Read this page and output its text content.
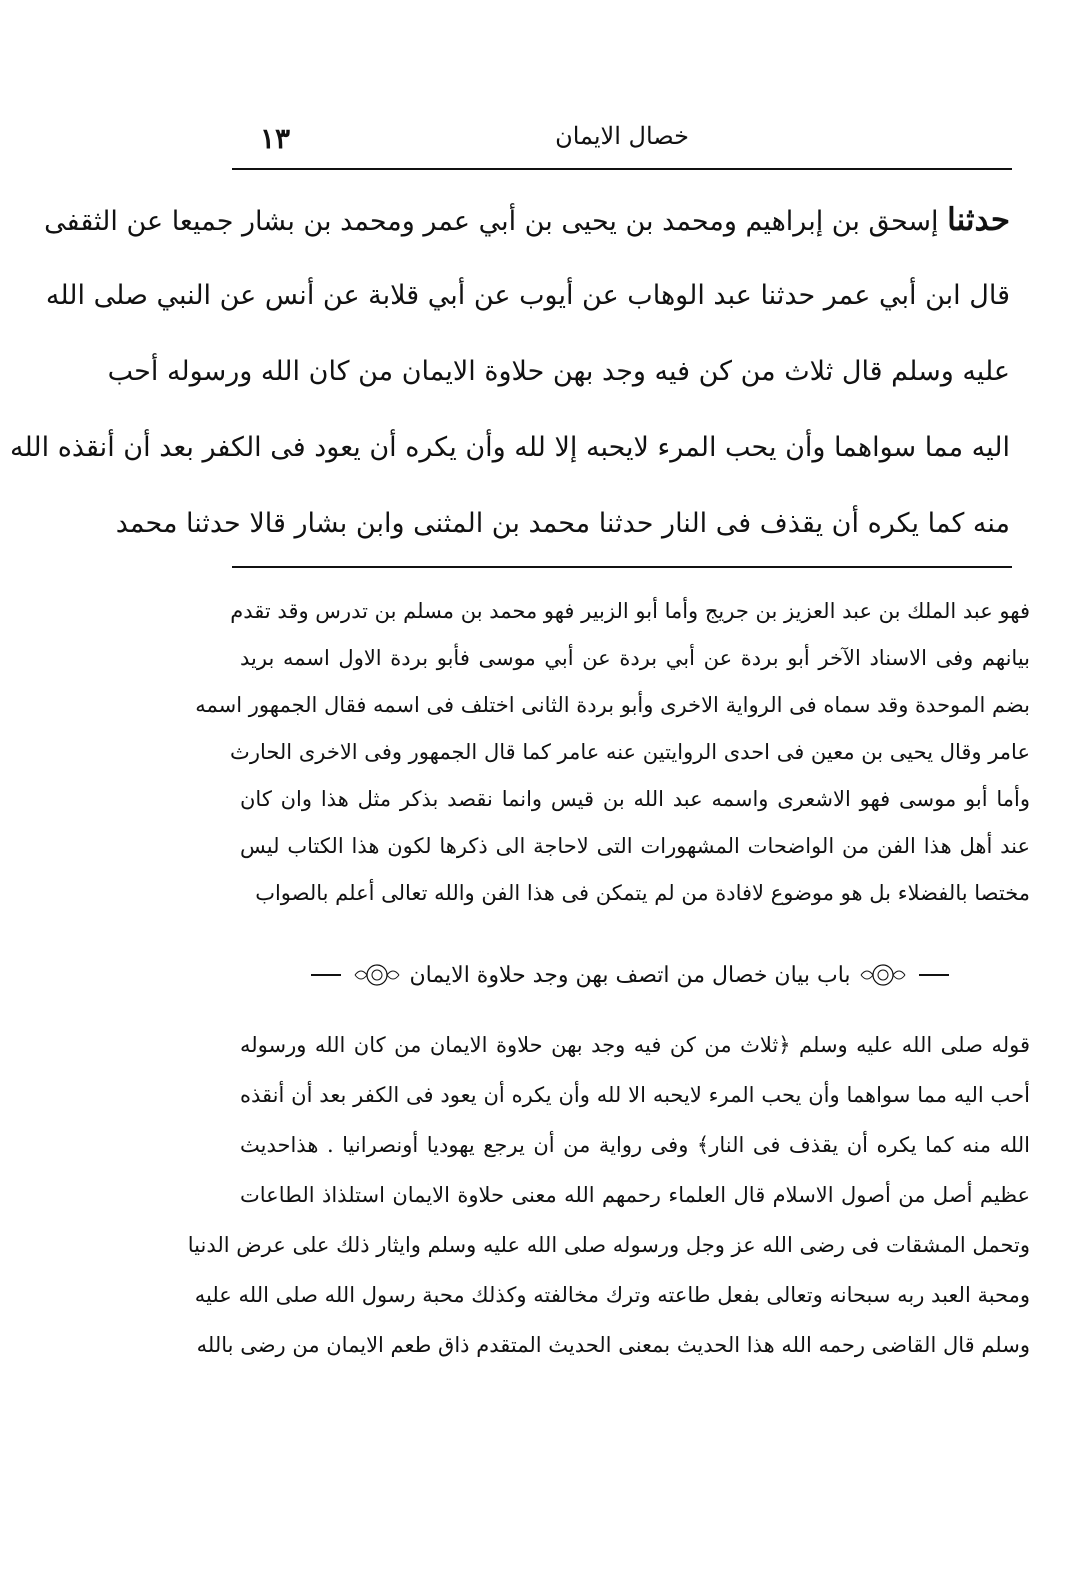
١٣	خصال الايمان
حدثنا إسحق بن إبراهيم ومحمد بن يحيى بن أبي عمر ومحمد بن بشار جميعا عن الثقفى
قال ابن أبي عمر حدثنا عبد الوهاب عن أيوب عن أبي قلابة عن أنس عن النبي صلى الله
عليه وسلم قال ثلاث من كن فيه وجد بهن حلاوة الايمان من كان الله ورسوله أحب
اليه مما سواهما وأن يحب المرء لايحبه إلا لله وأن يكره أن يعود فى الكفر بعد أن أنقذه الله
منه كما يكره أن يقذف فى النار حدثنا محمد بن المثنى وابن بشار قالا حدثنا محمد
فهو عبد الملك بن عبد العزيز بن جريج وأما أبو الزبير فهو محمد بن مسلم بن تدرس وقد تقدم
بيانهم وفى الاسناد الآخر أبو بردة عن أبي بردة عن أبي موسى فأبو بردة الاول اسمه بريد
بضم الموحدة وقد سماه فى الرواية الاخرى وأبو بردة الثانى اختلف فى اسمه فقال الجمهور اسمه
عامر وقال يحيى بن معين فى احدى الروايتين عنه عامر كما قال الجمهور وفى الاخرى الحارث
وأما أبو موسى فهو الاشعرى واسمه عبد الله بن قيس وانما نقصد بذكر مثل هذا وان كان
عند أهل هذا الفن من الواضحات المشهورات التى لاحاجة الى ذكرها لكون هذا الكتاب ليس
مختصا بالفضلاء بل هو موضوع لافادة من لم يتمكن فى هذا الفن والله تعالى أعلم بالصواب
باب بيان خصال من اتصف بهن وجد حلاوة الايمان
قوله صلى الله عليه وسلم ﴿ثلاث من كن فيه وجد بهن حلاوة الايمان من كان الله ورسوله
أحب اليه مما سواهما وأن يحب المرء لايحبه الا لله وأن يكره أن يعود فى الكفر بعد أن أنقذه
الله منه كما يكره أن يقذف فى النار﴾ وفى رواية من أن يرجع يهوديا أونصرانيا . هذاحديث
عظيم أصل من أصول الاسلام قال العلماء رحمهم الله معنى حلاوة الايمان استلذاذ الطاعات
وتحمل المشقات فى رضى الله عز وجل ورسوله صلى الله عليه وسلم وايثار ذلك على عرض الدنيا
ومحبة العبد ربه سبحانه وتعالى بفعل طاعته وترك مخالفته وكذلك محبة رسول الله صلى الله عليه
وسلم قال القاضى رحمه الله هذا الحديث بمعنى الحديث المتقدم ذاق طعم الايمان من رضى بالله
